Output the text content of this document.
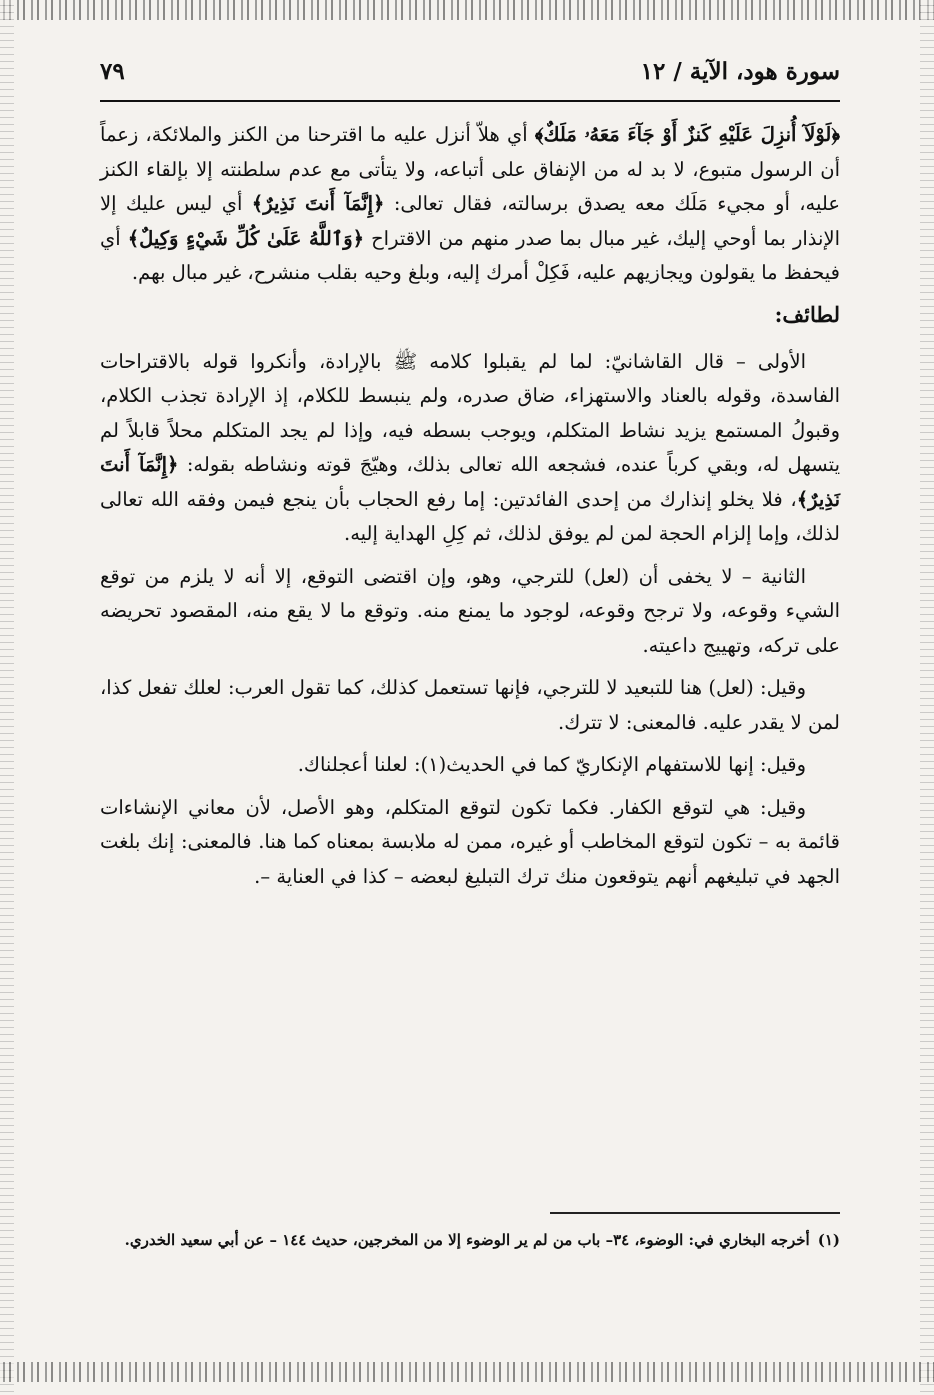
سورة هود، الآية / ١٢
٧٩

﴿لَوْلَآ أُنزِلَ عَلَيْهِ كَنزٌ أَوْ جَآءَ مَعَهُۥ مَلَكٌ﴾ أي هلاّ أنزل عليه ما اقترحنا من الكنز والملائكة، زعماً أن الرسول متبوع، لا بد له من الإنفاق على أتباعه، ولا يتأتى مع عدم سلطنته إلا بإلقاء الكنز عليه، أو مجيء مَلَك معه يصدق برسالته، فقال تعالى: ﴿إِنَّمَآ أَنتَ نَذِيرٌ﴾ أي ليس عليك إلا الإنذار بما أوحي إليك، غير مبال بما صدر منهم من الاقتراح ﴿وَٱللَّهُ عَلَىٰ كُلِّ شَيْءٍ وَكِيلٌ﴾ أي فيحفظ ما يقولون ويجازيهم عليه، فَكِلْ أمرك إليه، وبلغ وحيه بقلب منشرح، غير مبال بهم.

لطائف:

الأولى – قال القاشانيّ: لما لم يقبلوا كلامه ﷺ بالإرادة، وأنكروا قوله بالاقتراحات الفاسدة، وقوله بالعناد والاستهزاء، ضاق صدره، ولم ينبسط للكلام، إذ الإرادة تجذب الكلام، وقبولُ المستمع يزيد نشاط المتكلم، ويوجب بسطه فيه، وإذا لم يجد المتكلم محلاً قابلاً لم يتسهل له، وبقي كرباً عنده، فشجعه الله تعالى بذلك، وهيّجَ قوته ونشاطه بقوله: ﴿إِنَّمَآ أَنتَ نَذِيرٌ﴾، فلا يخلو إنذارك من إحدى الفائدتين: إما رفع الحجاب بأن ينجع فيمن وفقه الله تعالى لذلك، وإما إلزام الحجة لمن لم يوفق لذلك، ثم كِلِ الهداية إليه.

الثانية – لا يخفى أن (لعل) للترجي، وهو، وإن اقتضى التوقع، إلا أنه لا يلزم من توقع الشيء وقوعه، ولا ترجح وقوعه، لوجود ما يمنع منه. وتوقع ما لا يقع منه، المقصود تحريضه على تركه، وتهييج داعيته.

وقيل: (لعل) هنا للتبعيد لا للترجي، فإنها تستعمل كذلك، كما تقول العرب: لعلك تفعل كذا، لمن لا يقدر عليه. فالمعنى: لا تترك.

وقيل: إنها للاستفهام الإنكاريّ كما في الحديث(١): لعلنا أعجلناك.

وقيل: هي لتوقع الكفار. فكما تكون لتوقع المتكلم، وهو الأصل، لأن معاني الإنشاءات قائمة به – تكون لتوقع المخاطب أو غيره، ممن له ملابسة بمعناه كما هنا. فالمعنى: إنك بلغت الجهد في تبليغهم أنهم يتوقعون منك ترك التبليغ لبعضه – كذا في العناية –.

(١)أخرجه البخاري في: الوضوء، ٣٤– باب من لم ير الوضوء إلا من المخرجين، حديث ١٤٤ – عن أبي سعيد الخدري.
